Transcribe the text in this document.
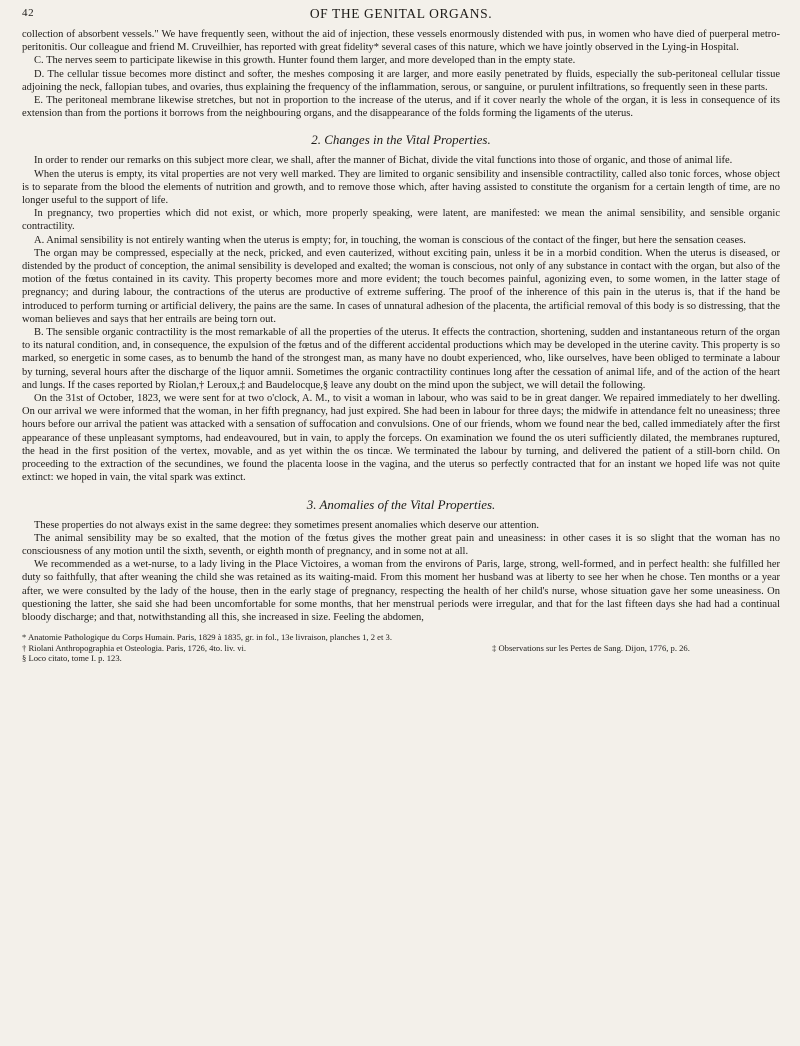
42	OF THE GENITAL ORGANS.

collection of absorbent vessels." We have frequently seen, without the aid of injection, these vessels enormously distended with pus, in women who have died of puerperal metro-peritonitis. Our colleague and friend M. Cruveilhier, has reported with great fidelity* several cases of this nature, which we have jointly observed in the Lying-in Hospital.

C. The nerves seem to participate likewise in this growth. Hunter found them larger, and more developed than in the empty state.

D. The cellular tissue becomes more distinct and softer, the meshes composing it are larger, and more easily penetrated by fluids, especially the sub-peritoneal cellular tissue adjoining the neck, fallopian tubes, and ovaries, thus explaining the frequency of the inflammation, serous, or sanguine, or purulent infiltrations, so frequently seen in these parts.

E. The peritoneal membrane likewise stretches, but not in proportion to the increase of the uterus, and if it cover nearly the whole of the organ, it is less in consequence of its extension than from the portions it borrows from the neighbouring organs, and the disappearance of the folds forming the ligaments of the uterus.

2. Changes in the Vital Properties.

In order to render our remarks on this subject more clear, we shall, after the manner of Bichat, divide the vital functions into those of organic, and those of animal life.

When the uterus is empty, its vital properties are not very well marked. They are limited to organic sensibility and insensible contractility, called also tonic forces, whose object is to separate from the blood the elements of nutrition and growth, and to remove those which, after having assisted to constitute the organism for a certain length of time, are no longer useful to the support of life.

In pregnancy, two properties which did not exist, or which, more properly speaking, were latent, are manifested: we mean the animal sensibility, and sensible organic contractility.

A. Animal sensibility is not entirely wanting when the uterus is empty; for, in touching, the woman is conscious of the contact of the finger, but here the sensation ceases.

The organ may be compressed, especially at the neck, pricked, and even cauterized, without exciting pain, unless it be in a morbid condition. When the uterus is diseased, or distended by the product of conception, the animal sensibility is developed and exalted; the woman is conscious, not only of any substance in contact with the organ, but also of the motion of the fœtus contained in its cavity. This property becomes more and more evident; the touch becomes painful, agonizing even, to some women, in the latter stage of pregnancy; and during labour, the contractions of the uterus are productive of extreme suffering. The proof of the inherence of this pain in the uterus is, that if the hand be introduced to perform turning or artificial delivery, the pains are the same. In cases of unnatural adhesion of the placenta, the artificial removal of this body is so distressing, that the woman believes and says that her entrails are being torn out.

B. The sensible organic contractility is the most remarkable of all the properties of the uterus. It effects the contraction, shortening, sudden and instantaneous return of the organ to its natural condition, and, in consequence, the expulsion of the fœtus and of the different accidental productions which may be developed in the uterine cavity. This property is so marked, so energetic in some cases, as to benumb the hand of the strongest man, as many have no doubt experienced, who, like ourselves, have been obliged to terminate a labour by turning, several hours after the discharge of the liquor amnii. Sometimes the organic contractility continues long after the cessation of animal life, and of the action of the heart and lungs. If the cases reported by Riolan,† Leroux,‡ and Baudelocque,§ leave any doubt on the mind upon the subject, we will detail the following.

On the 31st of October, 1823, we were sent for at two o'clock, A. M., to visit a woman in labour, who was said to be in great danger. We repaired immediately to her dwelling. On our arrival we were informed that the woman, in her fifth pregnancy, had just expired. She had been in labour for three days; the midwife in attendance felt no uneasiness; three hours before our arrival the patient was attacked with a sensation of suffocation and convulsions. One of our friends, whom we found near the bed, called immediately after the first appearance of these unpleasant symptoms, had endeavoured, but in vain, to apply the forceps. On examination we found the os uteri sufficiently dilated, the membranes ruptured, the head in the first position of the vertex, movable, and as yet within the os tincæ. We terminated the labour by turning, and delivered the patient of a still-born child. On proceeding to the extraction of the secundines, we found the placenta loose in the vagina, and the uterus so perfectly contracted that for an instant we hoped life was not quite extinct: we hoped in vain, the vital spark was extinct.

3. Anomalies of the Vital Properties.

These properties do not always exist in the same degree: they sometimes present anomalies which deserve our attention.

The animal sensibility may be so exalted, that the motion of the fœtus gives the mother great pain and uneasiness: in other cases it is so slight that the woman has no consciousness of any motion until the sixth, seventh, or eighth month of pregnancy, and in some not at all.

We recommended as a wet-nurse, to a lady living in the Place Victoires, a woman from the environs of Paris, large, strong, well-formed, and in perfect health: she fulfilled her duty so faithfully, that after weaning the child she was retained as its waiting-maid. From this moment her husband was at liberty to see her when he chose. Ten months or a year after, we were consulted by the lady of the house, then in the early stage of pregnancy, respecting the health of her child's nurse, whose situation gave her some uneasiness. On questioning the latter, she said she had been uncomfortable for some months, that her menstrual periods were irregular, and that for the last fifteen days she had had a continual bloody discharge; and that, notwithstanding all this, she increased in size. Feeling the abdomen,

* Anatomie Pathologique du Corps Humain. Paris, 1829 à 1835, gr. in fol., 13e livraison, planches 1, 2 et 3.
† Riolani Anthropographia et Osteologia. Paris, 1726, 4to. liv. vi.	‡ Observations sur les Pertes de Sang. Dijon, 1776, p. 26.
§ Loco citato, tome I. p. 123.
